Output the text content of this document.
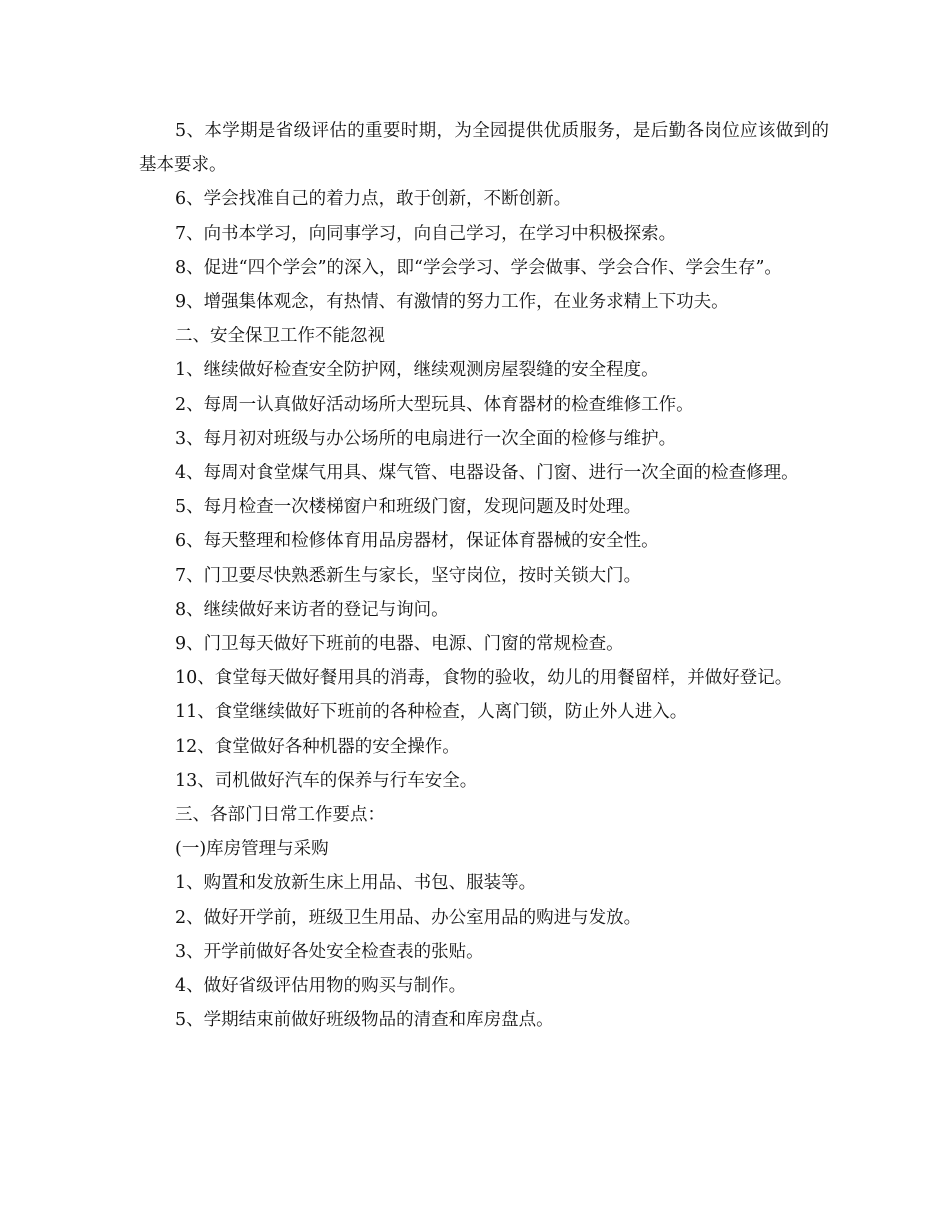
5、本学期是省级评估的重要时期，为全园提供优质服务，是后勤各岗位应该做到的基本要求。

6、学会找准自己的着力点，敢于创新，不断创新。

7、向书本学习，向同事学习，向自己学习，在学习中积极探索。

8、促进“四个学会”的深入，即“学会学习、学会做事、学会合作、学会生存”。

9、增强集体观念，有热情、有激情的努力工作，在业务求精上下功夫。

二、安全保卫工作不能忽视

1、继续做好检查安全防护网，继续观测房屋裂缝的安全程度。

2、每周一认真做好活动场所大型玩具、体育器材的检查维修工作。

3、每月初对班级与办公场所的电扇进行一次全面的检修与维护。

4、每周对食堂煤气用具、煤气管、电器设备、门窗、进行一次全面的检查修理。

5、每月检查一次楼梯窗户和班级门窗，发现问题及时处理。

6、每天整理和检修体育用品房器材，保证体育器械的安全性。

7、门卫要尽快熟悉新生与家长，坚守岗位，按时关锁大门。

8、继续做好来访者的登记与询问。

9、门卫每天做好下班前的电器、电源、门窗的常规检查。

10、食堂每天做好餐用具的消毒，食物的验收，幼儿的用餐留样，并做好登记。

11、食堂继续做好下班前的各种检查，人离门锁，防止外人进入。

12、食堂做好各种机器的安全操作。

13、司机做好汽车的保养与行车安全。

三、各部门日常工作要点：

(一)库房管理与采购

1、购置和发放新生床上用品、书包、服装等。

2、做好开学前，班级卫生用品、办公室用品的购进与发放。

3、开学前做好各处安全检查表的张贴。

4、做好省级评估用物的购买与制作。

5、学期结束前做好班级物品的清查和库房盘点。
